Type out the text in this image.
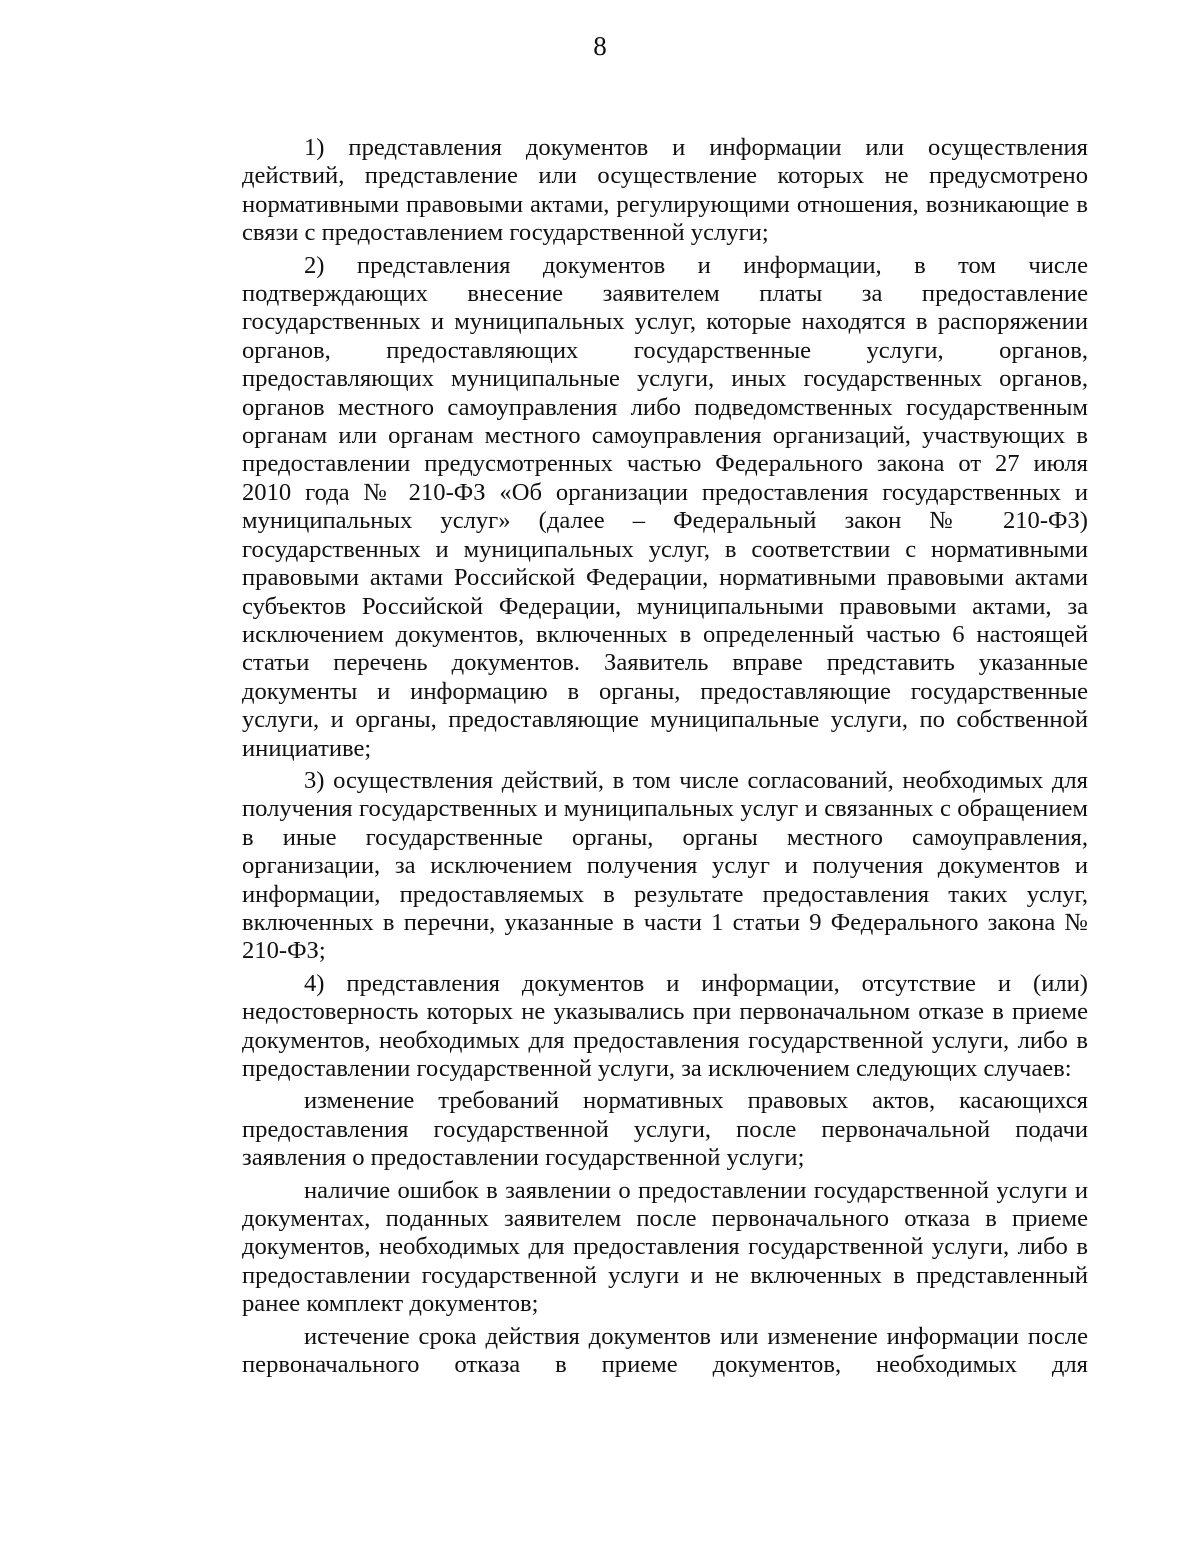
8

1) представления документов и информации или осуществления действий, представление или осуществление которых не предусмотрено нормативными правовыми актами, регулирующими отношения, возникающие в связи с предоставлением государственной услуги;

2) представления документов и информации, в том числе подтверждающих внесение заявителем платы за предоставление государственных и муниципальных услуг, которые находятся в распоряжении органов, предоставляющих государственные услуги, органов, предоставляющих муниципальные услуги, иных государственных органов, органов местного самоуправления либо подведомственных государственным органам или органам местного самоуправления организаций, участвующих в предоставлении предусмотренных частью Федерального закона от 27 июля 2010 года № 210-ФЗ «Об организации предоставления государственных и муниципальных услуг» (далее – Федеральный закон № 210-ФЗ) государственных и муниципальных услуг, в соответствии с нормативными правовыми актами Российской Федерации, нормативными правовыми актами субъектов Российской Федерации, муниципальными правовыми актами, за исключением документов, включенных в определенный частью 6 настоящей статьи перечень документов. Заявитель вправе представить указанные документы и информацию в органы, предоставляющие государственные услуги, и органы, предоставляющие муниципальные услуги, по собственной инициативе;

3) осуществления действий, в том числе согласований, необходимых для получения государственных и муниципальных услуг и связанных с обращением в иные государственные органы, органы местного самоуправления, организации, за исключением получения услуг и получения документов и информации, предоставляемых в результате предоставления таких услуг, включенных в перечни, указанные в части 1 статьи 9 Федерального закона № 210-ФЗ;

4) представления документов и информации, отсутствие и (или) недостоверность которых не указывались при первоначальном отказе в приеме документов, необходимых для предоставления государственной услуги, либо в предоставлении государственной услуги, за исключением следующих случаев:

изменение требований нормативных правовых актов, касающихся предоставления государственной услуги, после первоначальной подачи заявления о предоставлении государственной услуги;

наличие ошибок в заявлении о предоставлении государственной услуги и документах, поданных заявителем после первоначального отказа в приеме документов, необходимых для предоставления государственной услуги, либо в предоставлении государственной услуги и не включенных в представленный ранее комплект документов;

истечение срока действия документов или изменение информации после первоначального отказа в приеме документов, необходимых для
